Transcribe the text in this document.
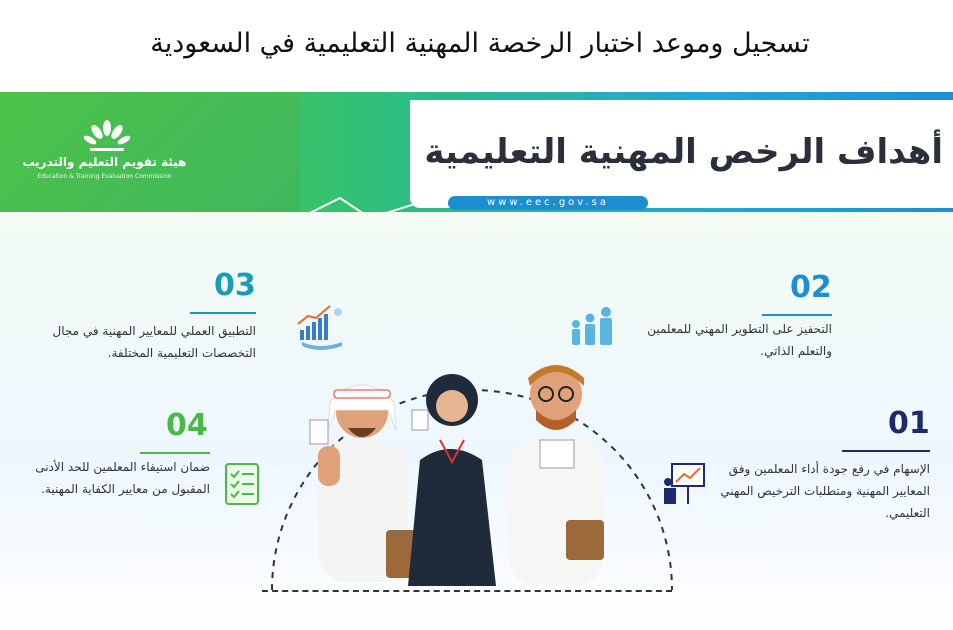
تسجيل وموعد اختبار الرخصة المهنية التعليمية في السعودية
أهداف الرخص المهنية التعليمية
www.eec.gov.sa
هيئة تقويم التعليم والتدريب
Education & Training Evaluation Commission
01
الإسهام في رفع جودة أداء المعلمين وفق المعايير المهنية ومتطلبات الترخيص المهني التعليمي.
02
التحفيز على التطوير المهني للمعلمين والتعلم الذاتي.
03
التطبيق العملي للمعايير المهنية في مجال التخصصات التعليمية المختلفة.
04
ضمان استيفاء المعلمين للحد الأدنى المقبول من معايير الكفاية المهنية.
